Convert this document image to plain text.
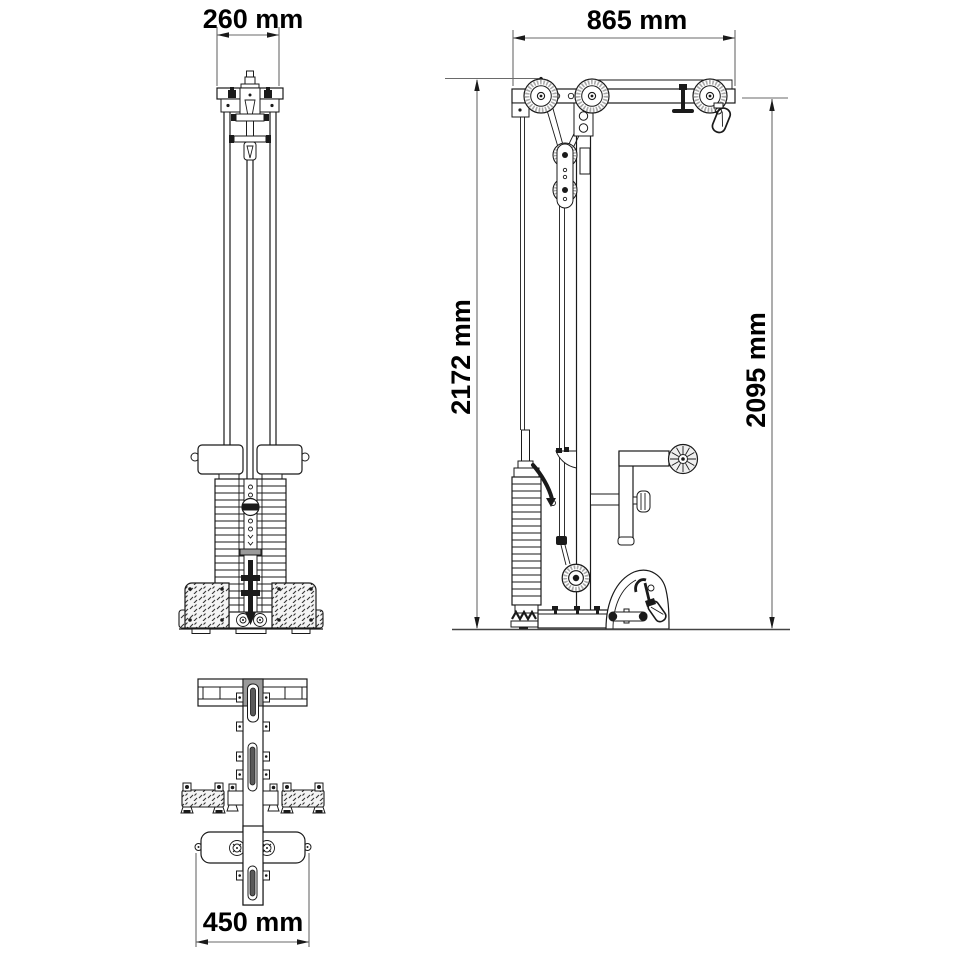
260 mm	865 mm
2172 mm	2095 mm
450 mm
